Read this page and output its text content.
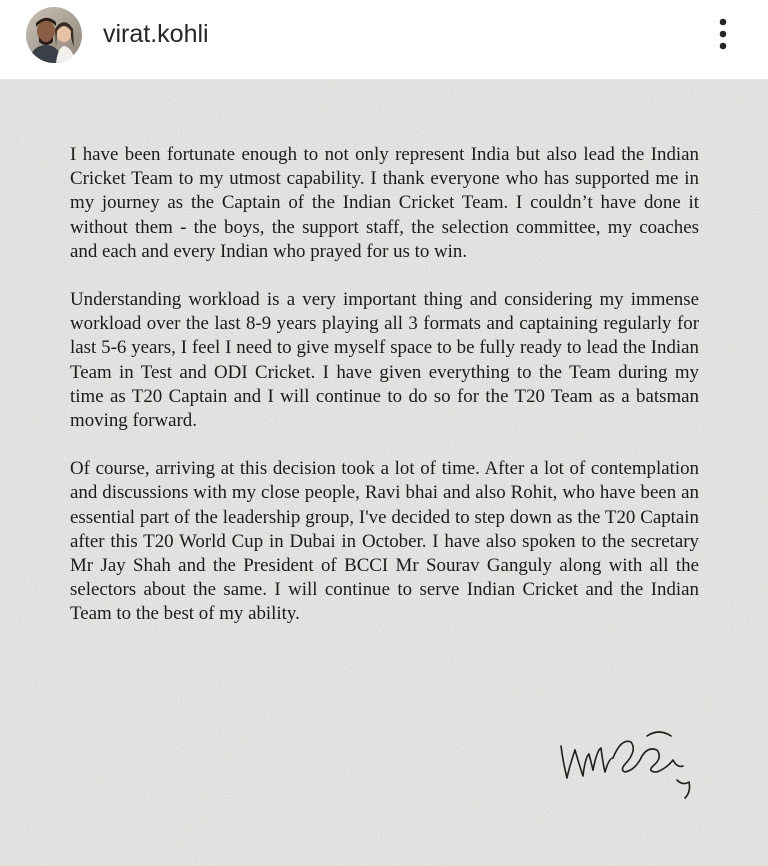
virat.kohli

I have been fortunate enough to not only represent India but also lead the Indian Cricket Team to my utmost capability. I thank everyone who has supported me in my journey as the Captain of the Indian Cricket Team. I couldn’t have done it without them - the boys, the support staff, the selection committee, my coaches and each and every Indian who prayed for us to win.

Understanding workload is a very important thing and considering my immense workload over the last 8-9 years playing all 3 formats and captaining regularly for last 5-6 years, I feel I need to give myself space to be fully ready to lead the Indian Team in Test and ODI Cricket. I have given everything to the Team during my time as T20 Captain and I will continue to do so for the T20 Team as a batsman moving forward.

Of course, arriving at this decision took a lot of time. After a lot of contemplation and discussions with my close people, Ravi bhai and also Rohit, who have been an essential part of the leadership group, I've decided to step down as the T20 Captain after this T20 World Cup in Dubai in October. I have also spoken to the secretary Mr Jay Shah and the President of BCCI Mr Sourav Ganguly along with all the selectors about the same. I will continue to serve Indian Cricket and the Indian Team to the best of my ability.
